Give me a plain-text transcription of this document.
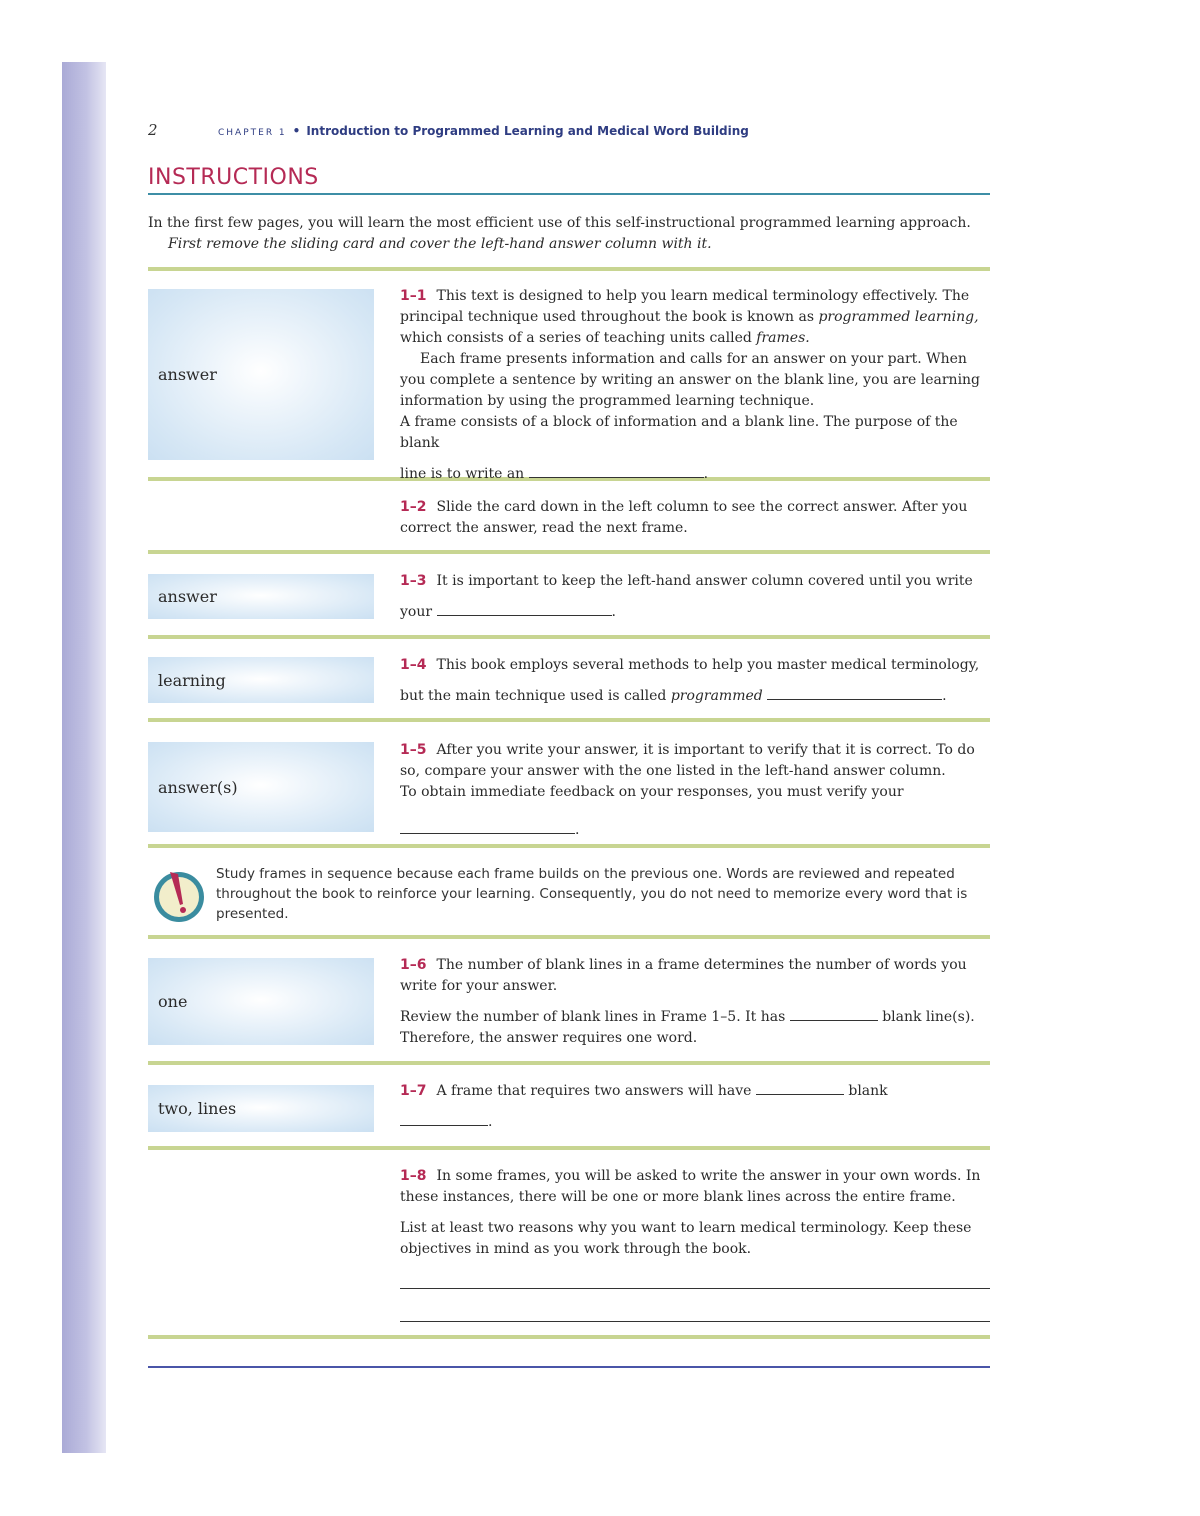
2	CHAPTER 1 • Introduction to Programmed Learning and Medical Word Building
INSTRUCTIONS

In the first few pages, you will learn the most efficient use of this self-instructional programmed learning approach.

First remove the sliding card and cover the left-hand answer column with it.

answer

1–1 This text is designed to help you learn medical terminology effectively. The principal technique used throughout the book is known as programmed learning, which consists of a series of teaching units called frames.

Each frame presents information and calls for an answer on your part. When you complete a sentence by writing an answer on the blank line, you are learning information by using the programmed learning technique.

A frame consists of a block of information and a blank line. The purpose of the blank

line is to write an	.

1–2 Slide the card down in the left column to see the correct answer. After you correct the answer, read the next frame.

answer

1–3 It is important to keep the left-hand answer column covered until you write

your	.

learning

1–4 This book employs several methods to help you master medical terminology,

but the main technique used is called programmed	.

answer(s)

1–5 After you write your answer, it is important to verify that it is correct. To do so, compare your answer with the one listed in the left-hand answer column.

To obtain immediate feedback on your responses, you must verify your

.

Study frames in sequence because each frame builds on the previous one. Words are reviewed and repeated throughout the book to reinforce your learning. Consequently, you do not need to memorize every word that is presented.
one

1–6 The number of blank lines in a frame determines the number of words you write for your answer.

Review the number of blank lines in Frame 1–5. It has	blank line(s).

Therefore, the answer requires one word.

two, lines

1–7 A frame that requires two answers will have	blank

.

1–8 In some frames, you will be asked to write the answer in your own words. In these instances, there will be one or more blank lines across the entire frame.

List at least two reasons why you want to learn medical terminology. Keep these objectives in mind as you work through the book.
